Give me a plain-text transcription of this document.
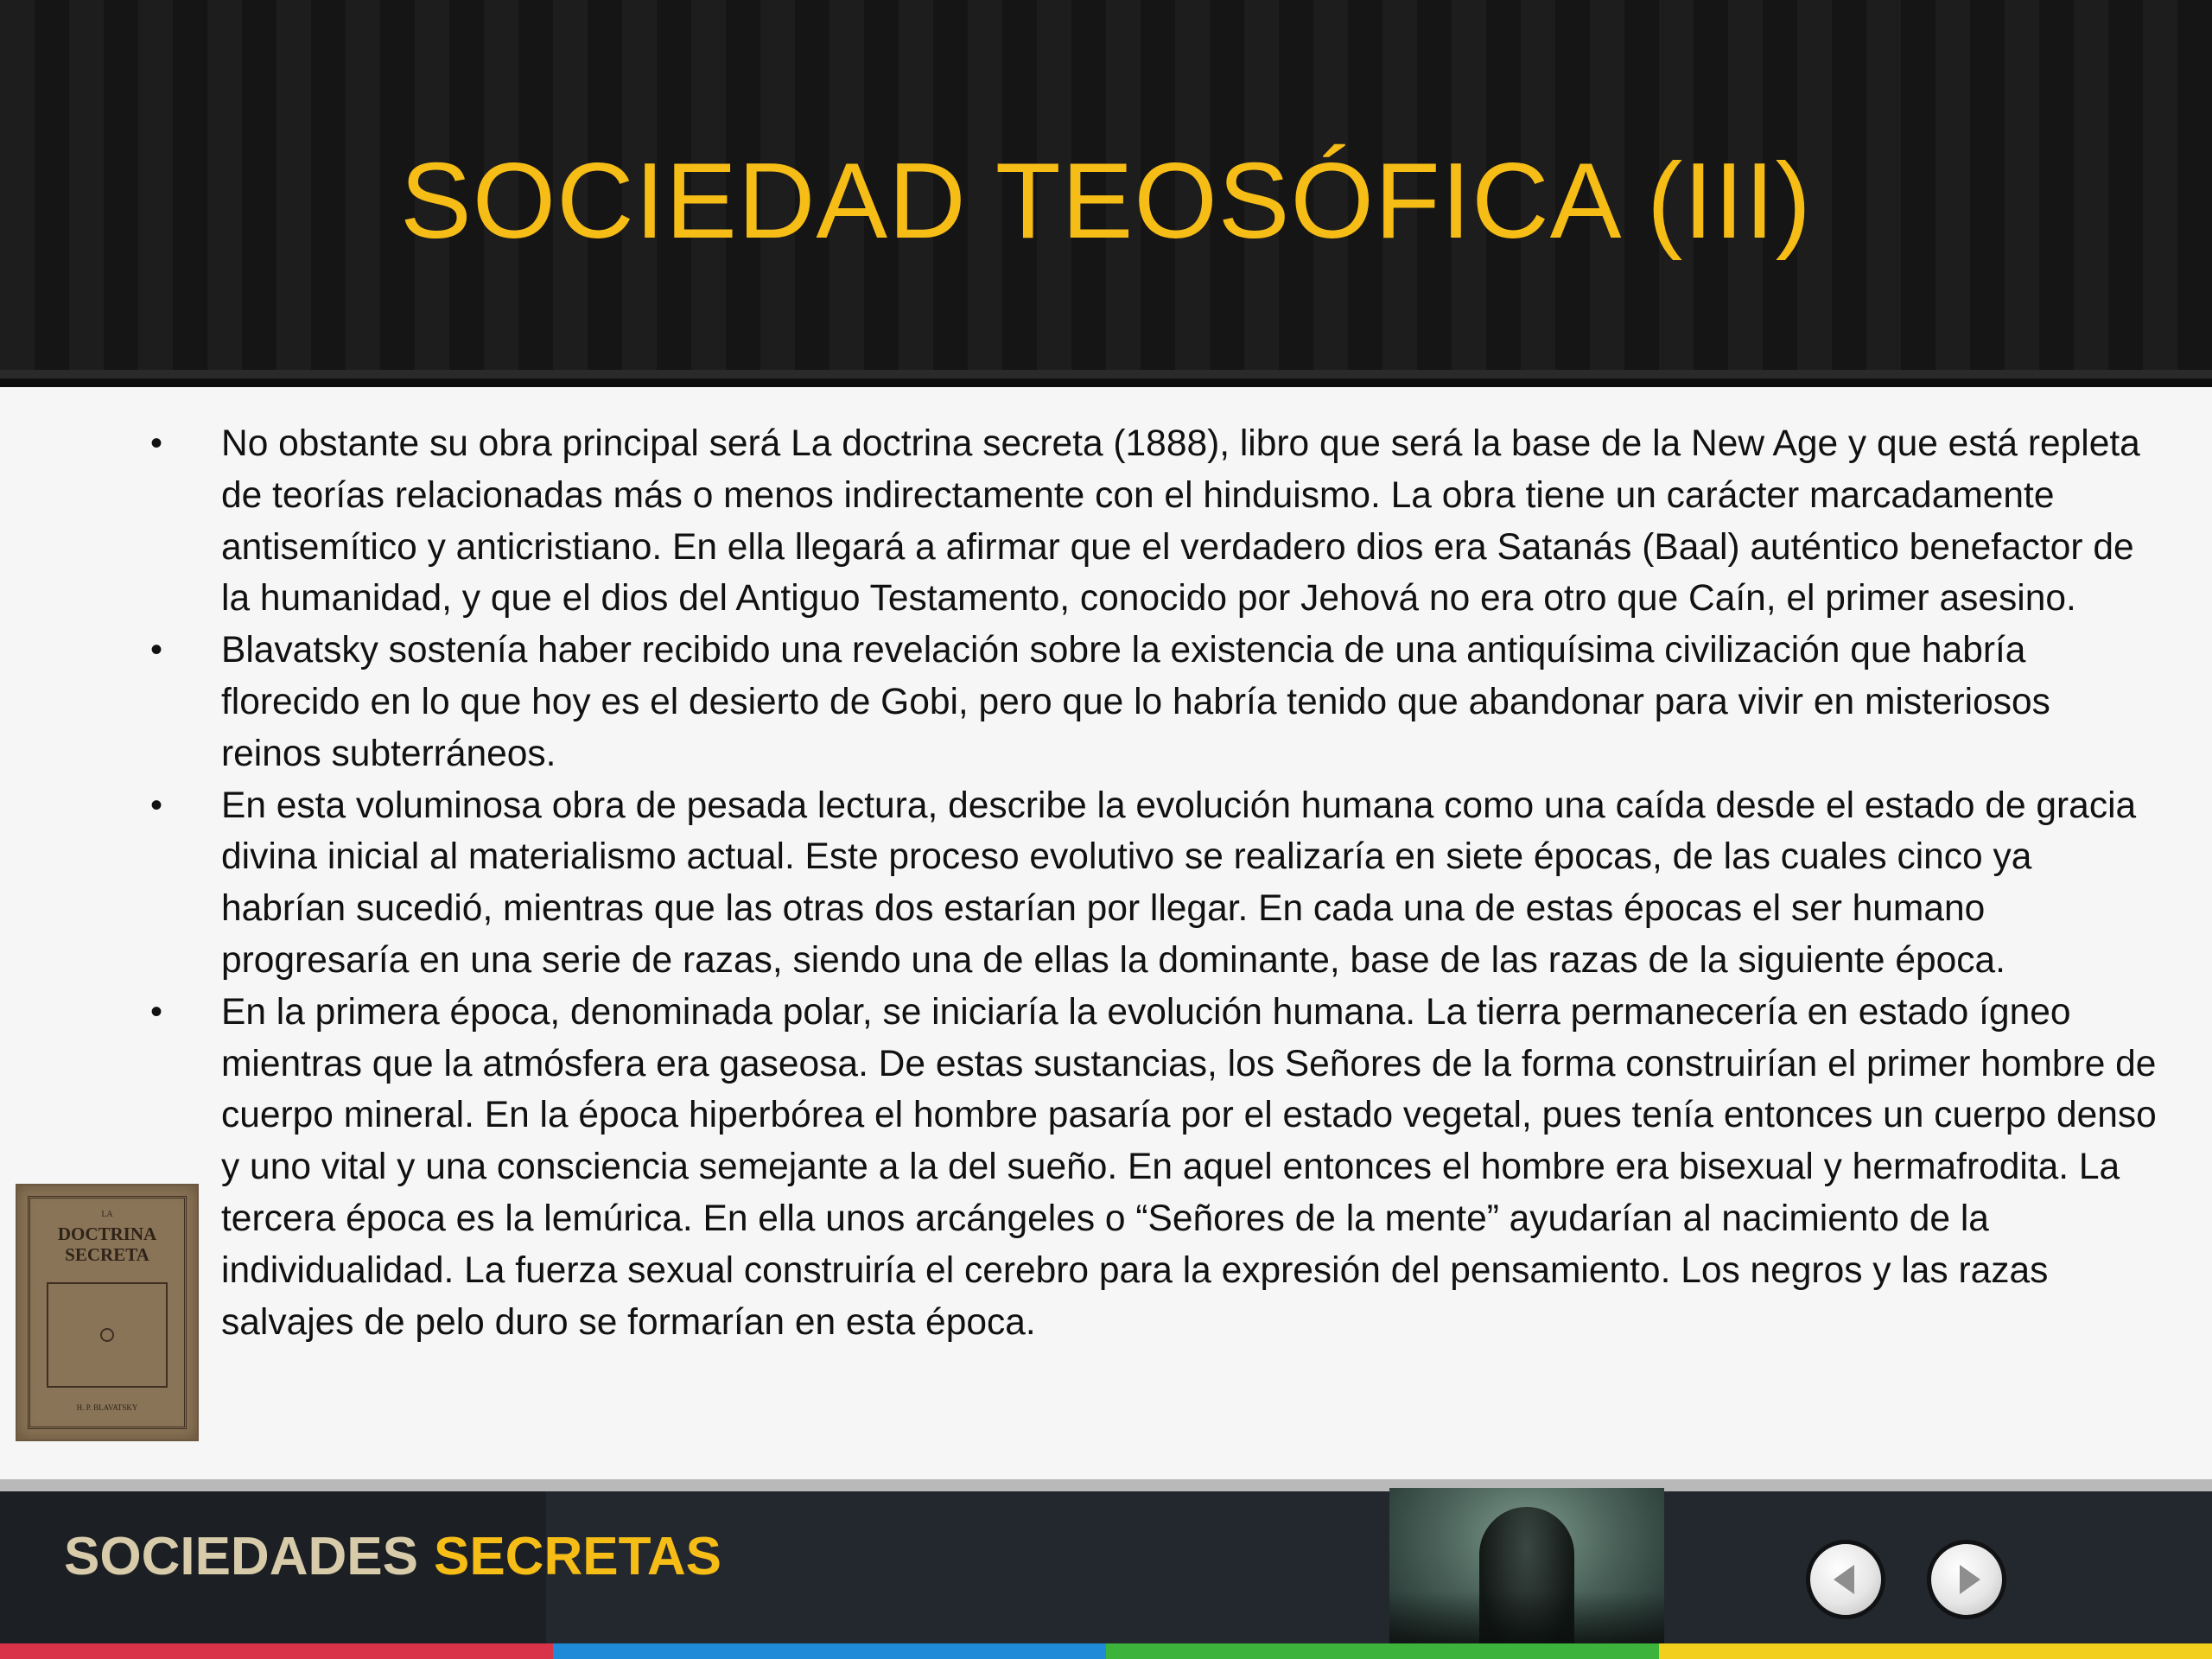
SOCIEDAD TEOSÓFICA (III)
• No obstante su obra principal será La doctrina secreta (1888), libro que será la base de la New Age y que está repleta de teorías relacionadas más o menos indirectamente con el hinduismo. La obra tiene un carácter marcadamente antisemítico y anticristiano. En ella llegará a afirmar que el verdadero dios era Satanás (Baal) auténtico benefactor de la humanidad, y que el dios del Antiguo Testamento, conocido por Jehová no era otro que Caín, el primer asesino.
• Blavatsky sostenía haber recibido una revelación sobre la existencia de una antiquísima civilización que habría florecido en lo que hoy es el desierto de Gobi, pero que lo habría tenido que abandonar para vivir en misteriosos reinos subterráneos.
• En esta voluminosa obra de pesada lectura, describe la evolución humana como una caída desde el estado de gracia divina inicial al materialismo actual. Este proceso evolutivo se realizaría en siete épocas, de las cuales cinco ya habrían sucedió, mientras que las otras dos estarían por llegar. En cada una de estas épocas el ser humano progresaría en una serie de razas, siendo una de ellas la dominante, base de las razas de la siguiente época.
• En la primera época, denominada polar, se iniciaría la evolución humana. La tierra permanecería en estado ígneo mientras que la atmósfera era gaseosa. De estas sustancias, los Señores de la forma construirían el primer hombre de cuerpo mineral. En la época hiperbórea el hombre pasaría por el estado vegetal, pues tenía entonces un cuerpo denso y uno vital y una consciencia semejante a la del sueño. En aquel entonces el hombre era bisexual y hermafrodita. La tercera época es la lemúrica. En ella unos arcángeles o “Señores de la mente” ayudarían al nacimiento de la individualidad. La fuerza sexual construiría el cerebro para la expresión del pensamiento. Los negros y las razas salvajes de pelo duro se formarían en esta época.
LA
DOCTRINA SECRETA
H. P. BLAVATSKY
SOCIEDADES SECRETAS
